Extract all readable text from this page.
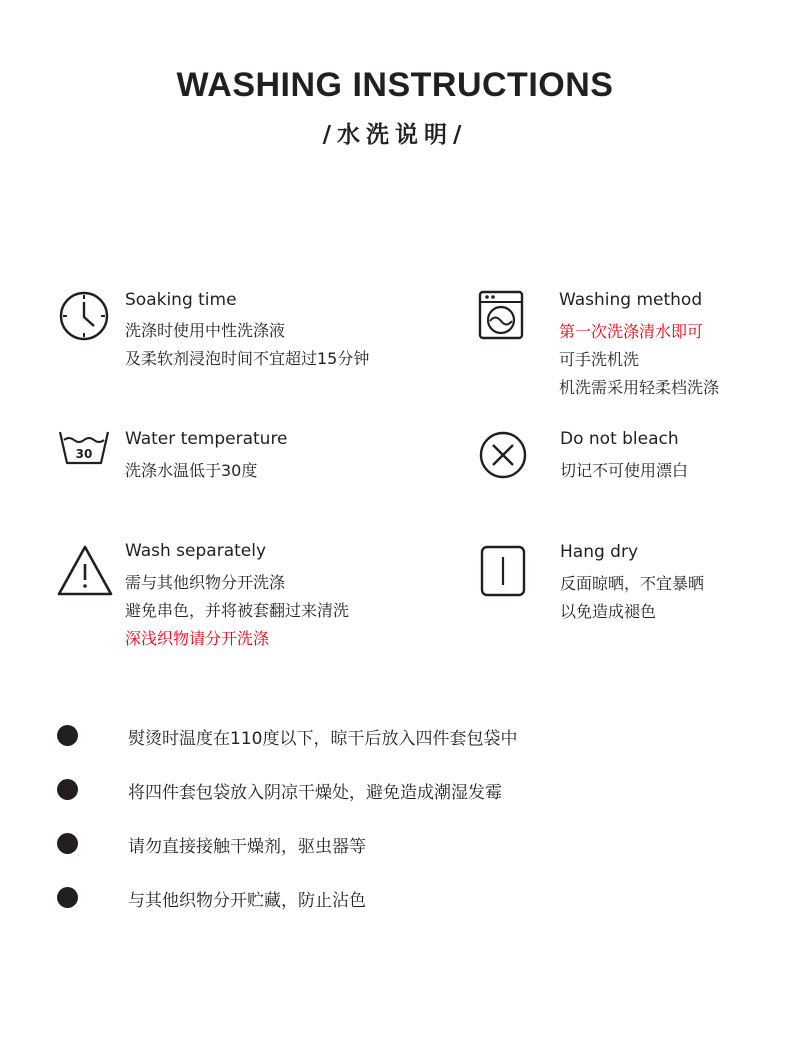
WASHING INSTRUCTIONS
/水洗说明/
Soaking time
洗涤时使用中性洗涤液
及柔软剂浸泡时间不宜超过15分钟
Washing method
第一次洗涤清水即可
可手洗机洗
机洗需采用轻柔档洗涤
30
Water temperature
洗涤水温低于30度
Do not bleach
切记不可使用漂白
Wash separately
需与其他织物分开洗涤
避免串色，并将被套翻过来清洗
深浅织物请分开洗涤
Hang dry
反面晾晒，不宜暴晒
以免造成褪色
熨烫时温度在110度以下，晾干后放入四件套包袋中
将四件套包袋放入阴凉干燥处，避免造成潮湿发霉
请勿直接接触干燥剂，驱虫器等
与其他织物分开贮藏，防止沾色
